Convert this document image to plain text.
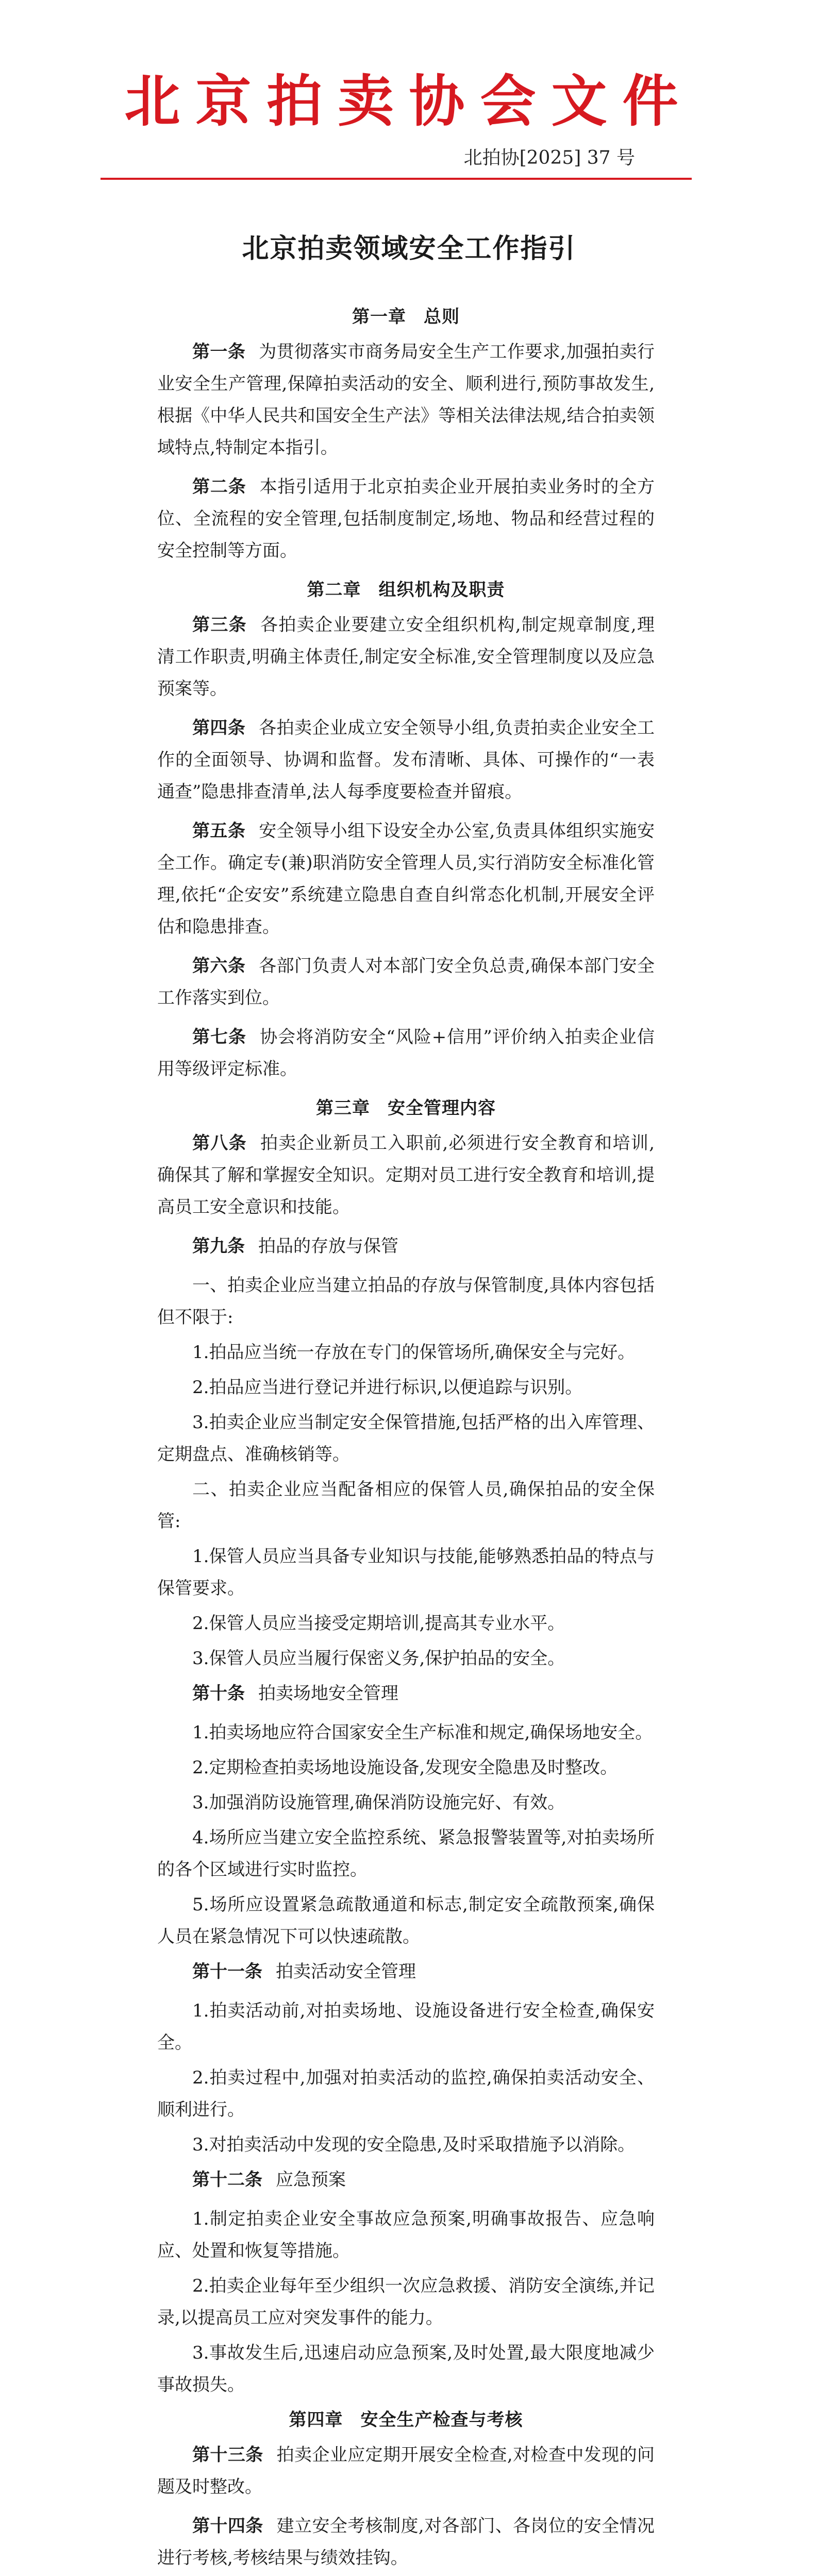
北京拍卖协会文件
北拍协[2025] 37 号
北京拍卖领域安全工作指引
第一章 总则

第一条 为贯彻落实市商务局安全生产工作要求,加强拍卖行业安全生产管理,保障拍卖活动的安全、顺利进行,预防事故发生,根据《中华人民共和国安全生产法》等相关法律法规,结合拍卖领域特点,特制定本指引。

第二条 本指引适用于北京拍卖企业开展拍卖业务时的全方位、全流程的安全管理,包括制度制定,场地、物品和经营过程的安全控制等方面。

第二章 组织机构及职责

第三条 各拍卖企业要建立安全组织机构,制定规章制度,理清工作职责,明确主体责任,制定安全标准,安全管理制度以及应急预案等。

第四条 各拍卖企业成立安全领导小组,负责拍卖企业安全工作的全面领导、协调和监督。发布清晰、具体、可操作的“一表通查”隐患排查清单,法人每季度要检查并留痕。

第五条 安全领导小组下设安全办公室,负责具体组织实施安全工作。确定专(兼)职消防安全管理人员,实行消防安全标准化管理,依托“企安安”系统建立隐患自查自纠常态化机制,开展安全评估和隐患排查。

第六条 各部门负责人对本部门安全负总责,确保本部门安全工作落实到位。

第七条 协会将消防安全“风险+信用”评价纳入拍卖企业信用等级评定标准。

第三章 安全管理内容

第八条 拍卖企业新员工入职前,必须进行安全教育和培训,确保其了解和掌握安全知识。定期对员工进行安全教育和培训,提高员工安全意识和技能。

第九条 拍品的存放与保管

一、拍卖企业应当建立拍品的存放与保管制度,具体内容包括但不限于:

1.拍品应当统一存放在专门的保管场所,确保安全与完好。

2.拍品应当进行登记并进行标识,以便追踪与识别。

3.拍卖企业应当制定安全保管措施,包括严格的出入库管理、定期盘点、准确核销等。

二、拍卖企业应当配备相应的保管人员,确保拍品的安全保管:

1.保管人员应当具备专业知识与技能,能够熟悉拍品的特点与保管要求。

2.保管人员应当接受定期培训,提高其专业水平。

3.保管人员应当履行保密义务,保护拍品的安全。

第十条 拍卖场地安全管理

1.拍卖场地应符合国家安全生产标准和规定,确保场地安全。

2.定期检查拍卖场地设施设备,发现安全隐患及时整改。

3.加强消防设施管理,确保消防设施完好、有效。

4.场所应当建立安全监控系统、紧急报警装置等,对拍卖场所的各个区域进行实时监控。

5.场所应设置紧急疏散通道和标志,制定安全疏散预案,确保人员在紧急情况下可以快速疏散。

第十一条 拍卖活动安全管理

1.拍卖活动前,对拍卖场地、设施设备进行安全检查,确保安全。

2.拍卖过程中,加强对拍卖活动的监控,确保拍卖活动安全、顺利进行。

3.对拍卖活动中发现的安全隐患,及时采取措施予以消除。

第十二条 应急预案

1.制定拍卖企业安全事故应急预案,明确事故报告、应急响应、处置和恢复等措施。

2.拍卖企业每年至少组织一次应急救援、消防安全演练,并记录,以提高员工应对突发事件的能力。

3.事故发生后,迅速启动应急预案,及时处置,最大限度地减少事故损失。

第四章 安全生产检查与考核

第十三条 拍卖企业应定期开展安全检查,对检查中发现的问题及时整改。

第十四条 建立安全考核制度,对各部门、各岗位的安全情况进行考核,考核结果与绩效挂钩。
